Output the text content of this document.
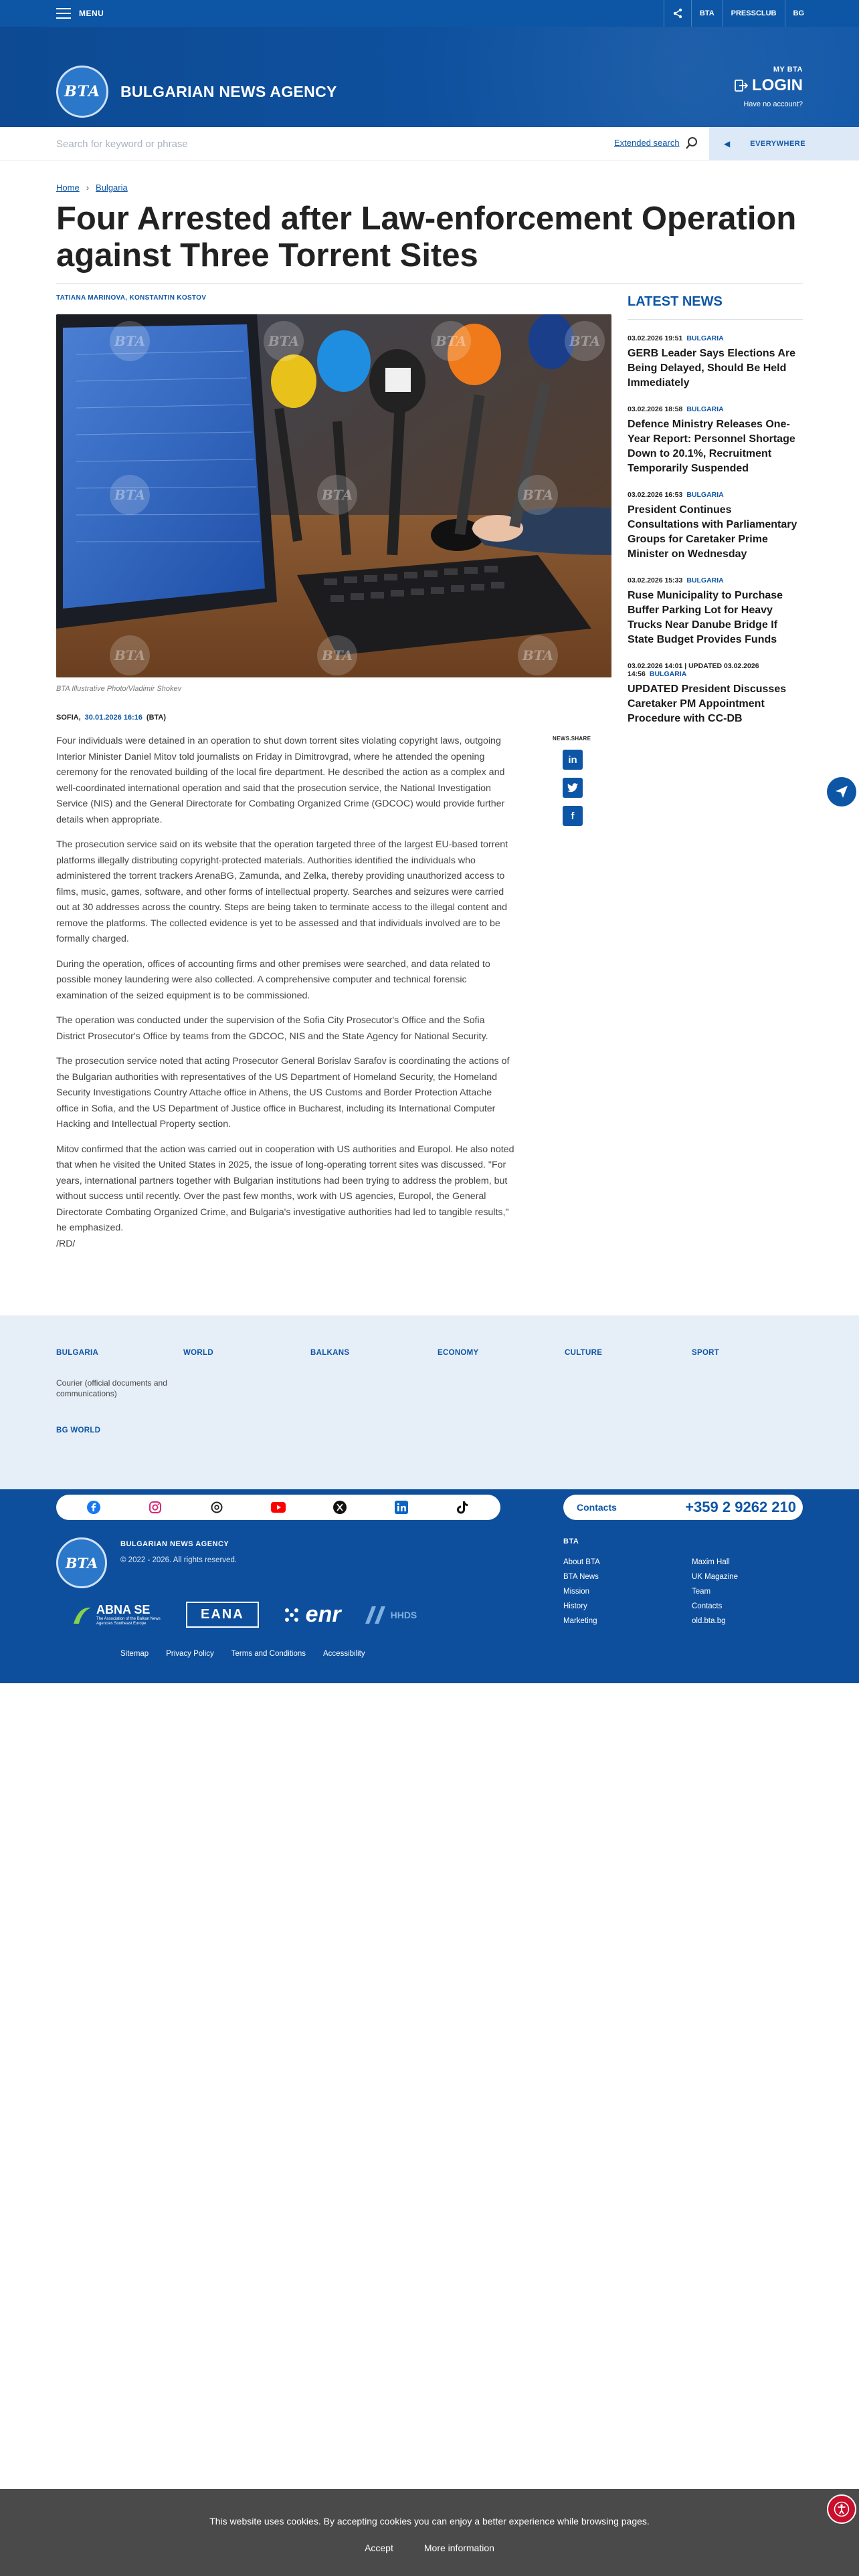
MENU	BTA	PRESSCLUB	BG
BTA BULGARIAN NEWS AGENCY
MY BTA
LOGIN
Have no account?
Search for keyword or phrase
Extended search	◀	EVERYWHERE
Home › Bulgaria
Four Arrested after Law-enforcement Operation against Three Torrent Sites
TATIANA MARINOVA, KONSTANTIN KOSTOV
BTA	BTA	BTA	BTA
BTA	BTA	BTA
BTA	BTA	BTA
BTA Illustrative Photo/Vladimir Shokev
SOFIA, 30.01.2026 16:16 (BTA)

Four individuals were detained in an operation to shut down torrent sites violating copyright laws, outgoing Interior Minister Daniel Mitov told journalists on Friday in Dimitrovgrad, where he attended the opening ceremony for the renovated building of the local fire department. He described the action as a complex and well-coordinated international operation and said that the prosecution service, the National Investigation Service (NIS) and the General Directorate for Combating Organized Crime (GDCOC) would provide further details when appropriate.

The prosecution service said on its website that the operation targeted three of the largest EU-based torrent platforms illegally distributing copyright-protected materials. Authorities identified the individuals who administered the torrent trackers ArenaBG, Zamunda, and Zelka, thereby providing unauthorized access to films, music, games, software, and other forms of intellectual property. Searches and seizures were carried out at 30 addresses across the country. Steps are being taken to terminate access to the illegal content and remove the platforms. The collected evidence is yet to be assessed and that individuals involved are to be formally charged.

During the operation, offices of accounting firms and other premises were searched, and data related to possible money laundering were also collected. A comprehensive computer and technical forensic examination of the seized equipment is to be commissioned.

The operation was conducted under the supervision of the Sofia City Prosecutor's Office and the Sofia District Prosecutor's Office by teams from the GDCOC, NIS and the State Agency for National Security.

The prosecution service noted that acting Prosecutor General Borislav Sarafov is coordinating the actions of the Bulgarian authorities with representatives of the US Department of Homeland Security, the Homeland Security Investigations Country Attache office in Athens, the US Customs and Border Protection Attache office in Sofia, and the US Department of Justice office in Bucharest, including its International Computer Hacking and Intellectual Property section.

Mitov confirmed that the action was carried out in cooperation with US authorities and Europol. He also noted that when he visited the United States in 2025, the issue of long-operating torrent sites was discussed. "For years, international partners together with Bulgarian institutions had been trying to address the problem, but without success until recently. Over the past few months, work with US agencies, Europol, the General Directorate Combating Organized Crime, and Bulgaria's investigative authorities had led to tangible results," he emphasized.

/RD/

NEWS.SHARE
in
f
LATEST NEWS
03.02.2026 19:51 BULGARIA
GERB Leader Says Elections Are Being Delayed, Should Be Held Immediately
03.02.2026 18:58 BULGARIA
Defence Ministry Releases One-Year Report: Personnel Shortage Down to 20.1%, Recruitment Temporarily Suspended
03.02.2026 16:53 BULGARIA
President Continues Consultations with Parliamentary Groups for Caretaker Prime Minister on Wednesday
03.02.2026 15:33 BULGARIA
Ruse Municipality to Purchase Buffer Parking Lot for Heavy Trucks Near Danube Bridge If State Budget Provides Funds
03.02.2026 14:01 | UPDATED 03.02.2026 14:56 BULGARIA
UPDATED President Discusses Caretaker PM Appointment Procedure with CC-DB
BULGARIA	WORLD	BALKANS	ECONOMY	CULTURE	SPORT
Courier (official documents and communications)
BG WORLD
Contacts	+359 2 9262 210
BTA
BULGARIAN NEWS AGENCY
© 2022 - 2026. All rights reserved.
ABNA SE
The Association of the Balkan News Agencies Southeast Europe
EANA	enr	HHDS
Sitemap Privacy Policy Terms and Conditions Accessibility
BTA
About BTA
BTA News
Mission
History
Marketing
Maxim Hall
UK Magazine
Team
Contacts
old.bta.bg
This website uses cookies. By accepting cookies you can enjoy a better experience while browsing pages.
Accept	More information
